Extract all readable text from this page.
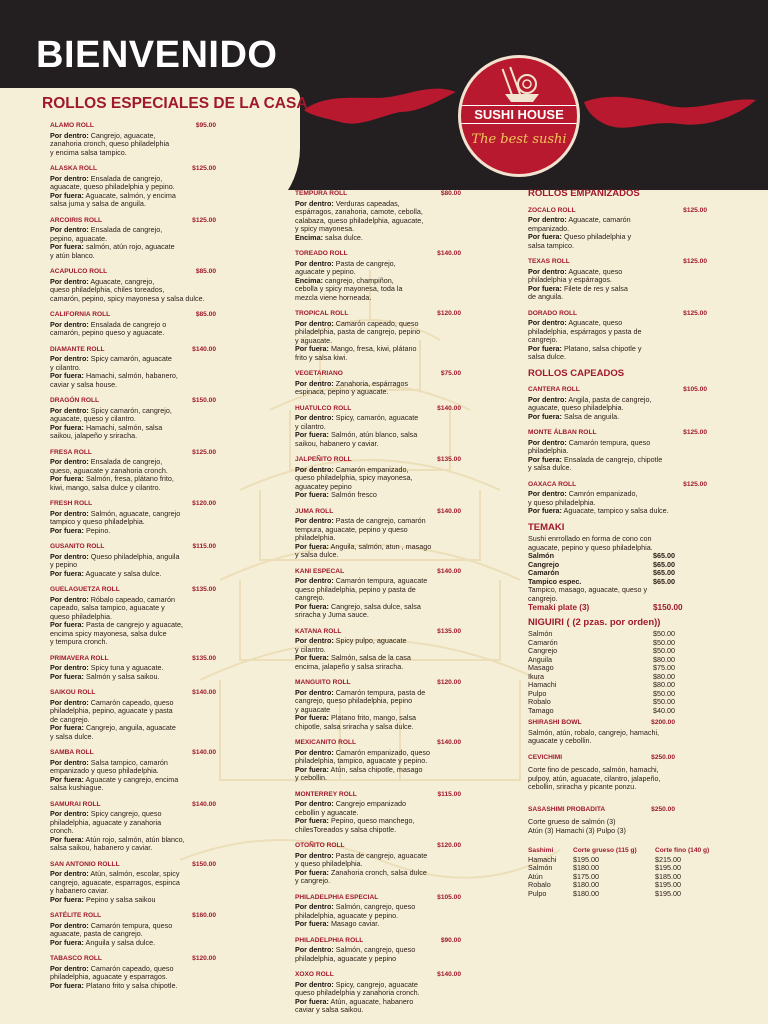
BIENVENIDO
ROLLOS ESPECIALES DE LA CASA
SUSHI HOUSE
The best sushi
ALAMO ROLL	$95.00
Por dentro: Cangrejo, aguacate,
zanahoria cronch, queso philadelphia
y encima salsa tampico.
ALASKA ROLL	$125.00
Por dentro: Ensalada de cangrejo,
aguacate, queso philadelphia y pepino.
Por fuera: Aguacate, salmón, y encima
salsa juma y salsa de anguila.
ARCOIRIS ROLL	$125.00
Por dentro: Ensalada de cangrejo,
pepino, aguacate.
Por fuera: salmón, atún rojo, aguacate
y atún blanco.
ACAPULCO ROLL	$85.00
Por dentro: Aguacate, cangrejo,
queso philadelphia, chiles toreados,
camarón, pepino, spicy mayonesa y salsa dulce.
CALIFORNIA ROLL	$85.00
Por dentro: Ensalada de cangrejo o
camarón, pepino queso y aguacate.
DIAMANTE ROLL	$140.00
Por dentro: Spicy camarón, aguacate
y cilantro.
Por fuera: Hamachi, salmón, habanero,
caviar y salsa house.
DRAGÓN ROLL	$150.00
Por dentro: Spicy camarón, cangrejo,
aguacate, queso y cilantro.
Por fuera: Hamachi, salmón, salsa
saikou, jalapeño y sriracha.
FRESA ROLL	$125.00
Por dentro: Ensalada de cangrejo,
queso, aguacate y zanahoria cronch.
Por fuera: Salmón, fresa, plátano frito,
kiwi, mango, salsa dulce y cilantro.
FRESH ROLL	$120.00
Por dentro: Salmón, aguacate, cangrejo
tampico y queso philadelphia.
Por fuera: Pepino.
GUSANITO ROLL	$115.00
Por dentro: Queso philadelphia, anguila
y pepino
Por fuera: Aguacate y salsa dulce.
GUELAGUETZA ROLL	$135.00
Por dentro: Róbalo capeado, camarón
capeado, salsa tampico, aguacate y
queso philadelphia.
Por fuera: Pasta de cangrejo y aguacate,
encima spicy mayonesa, salsa dulce
y tempura cronch.
PRIMAVERA ROLL	$135.00
Por dentro: Spicy tuna y aguacate.
Por fuera: Salmón y salsa saikou.
SAIKOU ROLL	$140.00
Por dentro: Camarón capeado, queso
philadelphia, pepino, aguacate y pasta
de cangrejo.
Por fuera: Cangrejo, anguila, aguacate
y salsa dulce.
SAMBA ROLL	$140.00
Por dentro: Salsa tampico, camarón
empanizado y queso philadelphia.
Por fuera: Aguacate y cangrejo, encima
salsa kushiague.
SAMURAI ROLL	$140.00
Por dentro: Spicy cangrejo, queso
philadelphia, aguacate y zanahoria
cronch.
Por fuera: Atún rojo, salmón, atún blanco,
salsa saikou, habanero y caviar.
SAN ANTONIO ROLLL	$150.00
Por dentro: Atún, salmón, escolar, spicy
cangrejo, aguacate, esparragos, espinca
y habanero caviar.
Por fuera: Pepino y salsa saikou
SATÉLITE ROLL	$160.00
Por dentro: Camarón tempura, queso
aguacate, pasta de cangrejo.
Por fuera: Anguila y salsa dulce.
TABASCO ROLL	$120.00
Por dentro: Camarón capeado, queso
philadelphia, aguacate y esparragos.
Por fuera: Platano frito y salsa chipotle.
TEMPURA ROLL	$80.00
Por dentro: Verduras capeadas,
espárragos, zanahoria, camote, cebolla,
calabaza, queso philadelphia, aguacate,
y spicy mayonesa.
Encima: salsa dulce.
TOREADO ROLL	$140.00
Por dentro: Pasta de cangrejo,
aguacate y pepino.
Encima: cangrejo, champiñon,
cebolla y spicy mayonesa, toda la
mezcla viene horneada.
TROPICAL ROLL	$120.00
Por dentro: Camarón capeado, queso
philadelphia, pasta de cangrejo, pepino
y aguacate.
Por fuera: Mango, fresa, kiwi, plátano
frito y salsa kiwi.
VEGETARIANO	$75.00
Por dentro: Zanahoria, espárragos
espinaca, pepino y aguacate.
HUATULCO ROLL	$140.00
Por dentro: Spicy, camarón, aguacate
y cilantro.
Por fuera: Salmón, atún blanco, salsa
saikou, habanero y caviar.
JALPEÑITO ROLL	$135.00
Por dentro: Camarón empanizado,
queso philadelphia, spicy mayonesa,
aguacatey pepino
Por fuera: Salmón fresco
JUMA ROLL	$140.00
Por dentro: Pasta de cangrejo, camarón
tempura, aguacate, pepino y queso
philadelphia.
Por fuera: Anguila, salmón, atun , masago
y salsa dulce.
KANI ESPECAL	$140.00
Por dentro: Camarón tempura, aguacate
queso philadelphia, pepino y pasta de
cangrejo.
Por fuera: Cangrejo, salsa dulce, salsa
sriracha y Juma sauce.
KATANA ROLL	$135.00
Por dentro: Spicy pulpo, aguacate
y cilantro.
Por fuera: Salmón, salsa de la casa
encima, jalapeño y salsa sriracha.
MANGUITO ROLL	$120.00
Por dentro: Camarón tempura, pasta de
cangrejo, queso philadelphia, pepino
y aguacate
Por fuera: Platano frito, mango, salsa
chipotle, salsa sriracha y salsa dulce.
MEXICANITO ROLL	$140.00
Por dentro: Camarón empanizado, queso
philadelphia, tampico, aguacate y pepino.
Por fuera: Atún, salsa chipotle, masago
y cebollin.
MONTERREY ROLL	$115.00
Por dentro: Cangrejo empanizado
cebollin y aguacate.
Por fuera: Pepino, queso manchego,
chilesToreados y salsa chipotle.
OTOÑITO ROLL	$120.00
Por dentro: Pasta de cangrejo, aguacate
y queso philadelphia.
Por fuera: Zanahoria cronch, salsa dulce
y cangrejo.
PHILADELPHIA ESPECIAL	$105.00
Por dentro: Salmón, cangrejo, queso
philadelphia, aguacate y pepino.
Por fuera: Masago caviar.
PHILADELPHIA ROLL	$90.00
Por dentro: Salmón, cangrejo, queso
philadelphia, aguacate y pepino
XOXO ROLL	$140.00
Por dentro: Spicy, cangrejo, aguacate
queso philadelphia y zanahoria cronch.
Por fuera: Atún, aguacate, habanero
caviar y salsa saikou.
ROLLOS EMPANIZADOS
ZOCALO ROLL	$125.00
Por dentro: Aguacate, camarón
empanizado.
Por fuera: Queso philadelphia y
salsa tampico.
TEXAS ROLL	$125.00
Por dentro: Aguacate, queso
philadelphia y espárragos.
Por fuera: Filete de res y salsa
de anguila.
DORADO ROLL	$125.00
Por dentro: Aguacate, queso
philadelphia, espárragos y pasta de
cangrejo.
Por fuera: Platano, salsa chipotle y
salsa dulce.
ROLLOS CAPEADOS
CANTERA ROLL	$105.00
Por dentro: Angila, pasta de cangrejo,
aguacate, queso philadelphia.
Por fuera: Salsa de anguila.
MONTE ÁLBAN ROLL	$125.00
Por dentro: Camarón tempura, queso
philadelphia.
Por fuera: Ensalada de cangrejo, chipotle
y salsa dulce.
OAXACA ROLL	$125.00
Por dentro: Camrón empanizado,
y queso philadelphia.
Por fuera: Aguacate, tampico y salsa dulce.
TEMAKI
Sushi enrrollado en forma de cono con
aguacate, pepino y queso philadelphia.
Salmón	$65.00
Cangrejo	$65.00
Camarón	$65.00
Tampico espec.	$65.00
Tampico, masago, aguacate, queso y
cangrejo.
Temaki plate (3)	$150.00
NIGUIRI ( (2 pzas. por orden))
Salmón	$50.00
Camarón	$50.00
Cangrejo	$50.00
Anguila	$80.00
Masago	$75.00
Ikura	$80.00
Hamachi	$80.00
Pulpo	$50.00
Robalo	$50.00
Tamago	$40.00
SHIRASHI BOWL	$200.00
Salmón, atún, robalo, cangrejo, hamachi,
aguacate y cebollin.
CEVICHIMI	$250.00
Corte fino de pescado, salmón, hamachi,
pulpoy, atún, aguacate, cilantro, jalapeño,
cebollin, sriracha y picante ponzu.
SASASHIMI PROBADITA	$250.00
Corte grueso de salmón (3)
Atún (3) Hamachi (3) Pulpo (3)
Sashimi	Corte grueso (115 g)	Corte fino (140 g)
Hamachi	$195.00	$215.00
Salmón	$180.00	$195.00
Atún	$175.00	$185.00
Robalo	$180.00	$195.00
Pulpo	$180.00	$195.00
